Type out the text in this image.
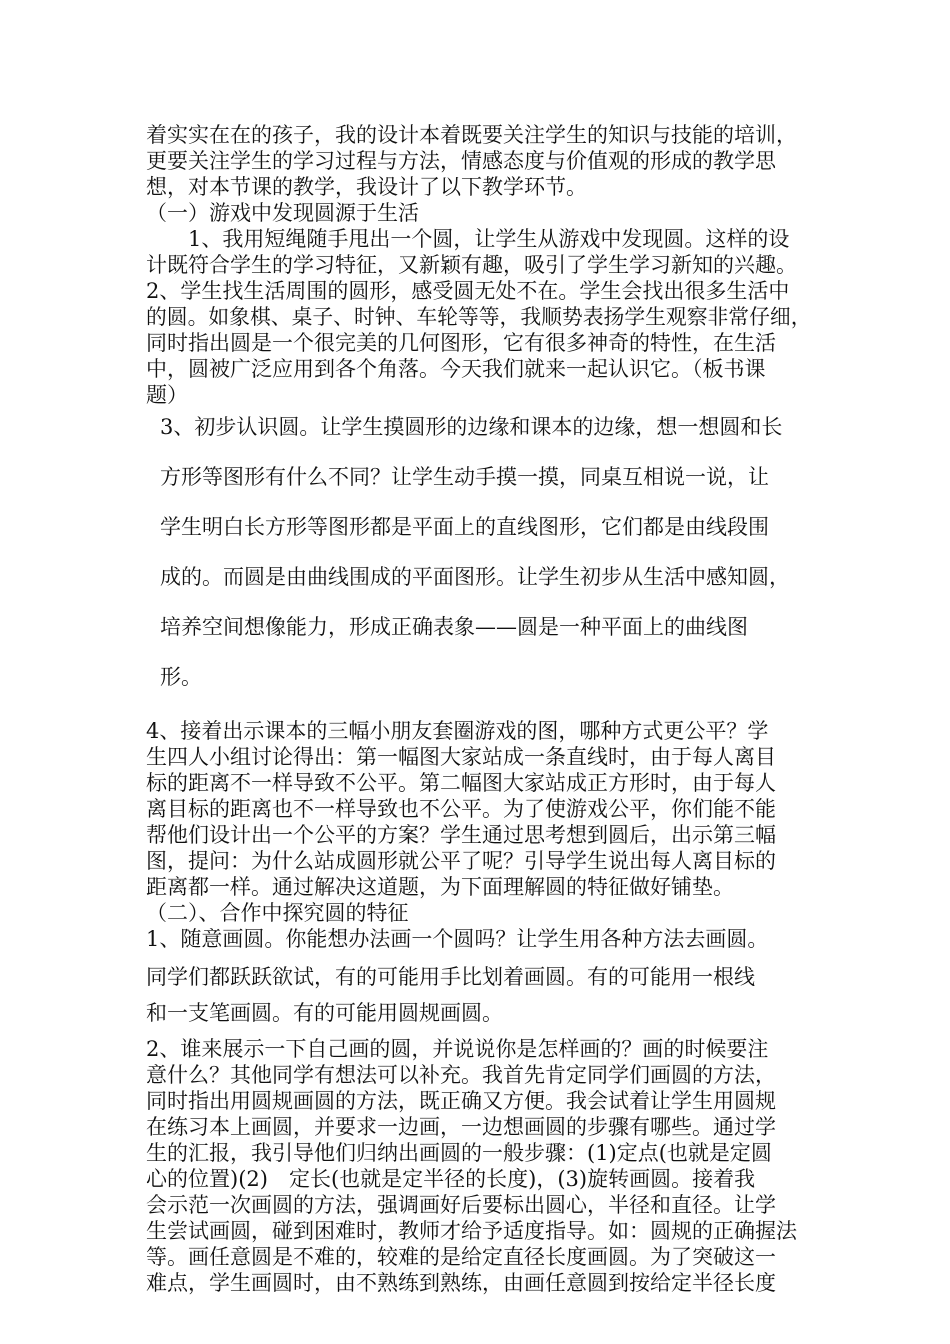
着实实在在的孩子，我的设计本着既要关注学生的知识与技能的培训，

更要关注学生的学习过程与方法，情感态度与价值观的形成的教学思

想，对本节课的教学，我设计了以下教学环节。

（一）游戏中发现圆源于生活

1、我用短绳随手甩出一个圆，让学生从游戏中发现圆。这样的设

计既符合学生的学习特征，又新颖有趣，吸引了学生学习新知的兴趣。

2、学生找生活周围的圆形，感受圆无处不在。学生会找出很多生活中

的圆。如象棋、桌子、时钟、车轮等等，我顺势表扬学生观察非常仔细，

同时指出圆是一个很完美的几何图形，它有很多神奇的特性，在生活

中，圆被广泛应用到各个角落。今天我们就来一起认识它。（板书课

题）

3、初步认识圆。让学生摸圆形的边缘和课本的边缘，想一想圆和长

方形等图形有什么不同？让学生动手摸一摸，同桌互相说一说，让

学生明白长方形等图形都是平面上的直线图形，它们都是由线段围

成的。而圆是由曲线围成的平面图形。让学生初步从生活中感知圆，

培养空间想像能力，形成正确表象——圆是一种平面上的曲线图

形。

4、接着出示课本的三幅小朋友套圈游戏的图，哪种方式更公平？学

生四人小组讨论得出：第一幅图大家站成一条直线时，由于每人离目

标的距离不一样导致不公平。第二幅图大家站成正方形时，由于每人

离目标的距离也不一样导致也不公平。为了使游戏公平，你们能不能

帮他们设计出一个公平的方案？学生通过思考想到圆后，出示第三幅

图，提问：为什么站成圆形就公平了呢？引导学生说出每人离目标的

距离都一样。通过解决这道题，为下面理解圆的特征做好铺垫。

（二）、合作中探究圆的特征

1、随意画圆。你能想办法画一个圆吗？让学生用各种方法去画圆。

同学们都跃跃欲试，有的可能用手比划着画圆。有的可能用一根线

和一支笔画圆。有的可能用圆规画圆。

2、谁来展示一下自己画的圆，并说说你是怎样画的？画的时候要注

意什么？其他同学有想法可以补充。我首先肯定同学们画圆的方法，

同时指出用圆规画圆的方法，既正确又方便。我会试着让学生用圆规

在练习本上画圆，并要求一边画，一边想画圆的步骤有哪些。通过学

生的汇报，我引导他们归纳出画圆的一般步骤：(1)定点(也就是定圆

心的位置)(2)　定长(也就是定半径的长度)，(3)旋转画圆。接着我

会示范一次画圆的方法，强调画好后要标出圆心，半径和直径。让学

生尝试画圆，碰到困难时，教师才给予适度指导。如：圆规的正确握法

等。画任意圆是不难的，较难的是给定直径长度画圆。为了突破这一

难点，学生画圆时，由不熟练到熟练，由画任意圆到按给定半径长度
